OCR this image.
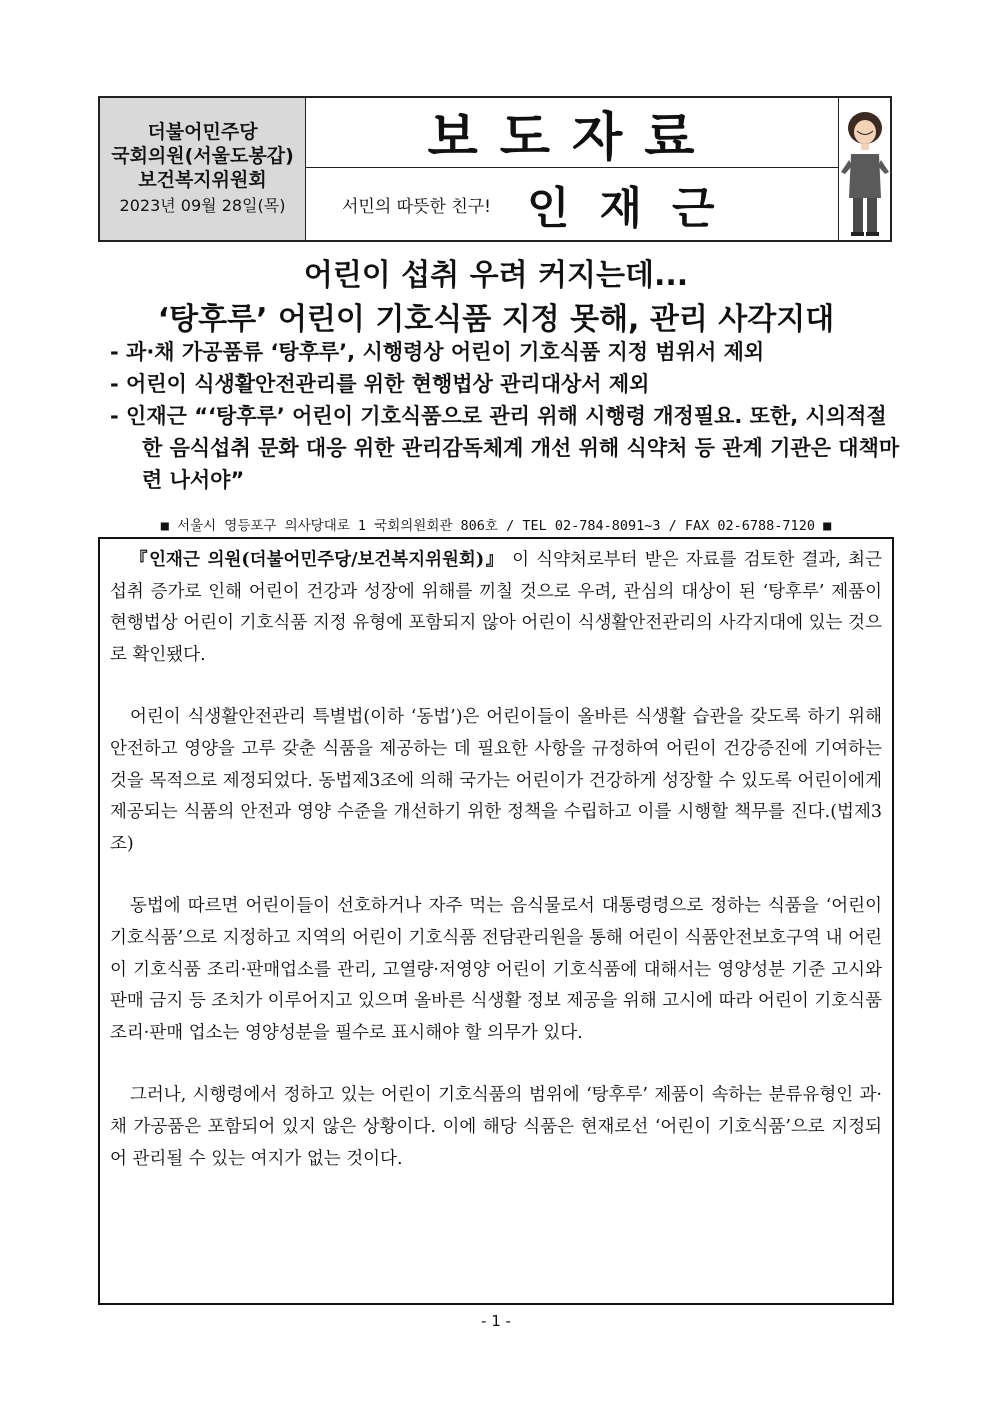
더불어민주당
국회의원(서울도봉갑)
보건복지위원회
2023년 09월 28일(목)
보도자료
서민의 따뜻한 친구! 인재근
어린이 섭취 우려 커지는데...
‘탕후루’ 어린이 기호식품 지정 못해, 관리 사각지대
- 과·채 가공품류 ‘탕후루’, 시행령상 어린이 기호식품 지정 범위서 제외
- 어린이 식생활안전관리를 위한 현행법상 관리대상서 제외
- 인재근 “‘탕후루’ 어린이 기호식품으로 관리 위해 시행령 개정필요. 또한, 시의적절한 음식섭취 문화 대응 위한 관리감독체계 개선 위해 식약처 등 관계 기관은 대책마련 나서야”
■ 서울시 영등포구 의사당대로 1 국회의원회관 806호 / TEL 02-784-8091~3 / FAX 02-6788-7120 ■

『인재근 의원(더불어민주당/보건복지위원회)』 이 식약처로부터 받은 자료를 검토한 결과, 최근 섭취 증가로 인해 어린이 건강과 성장에 위해를 끼칠 것으로 우려, 관심의 대상이 된 ‘탕후루’ 제품이 현행법상 어린이 기호식품 지정 유형에 포함되지 않아 어린이 식생활안전관리의 사각지대에 있는 것으로 확인됐다.

어린이 식생활안전관리 특별법(이하 ‘동법’)은 어린이들이 올바른 식생활 습관을 갖도록 하기 위해 안전하고 영양을 고루 갖춘 식품을 제공하는 데 필요한 사항을 규정하여 어린이 건강증진에 기여하는 것을 목적으로 제정되었다. 동법제3조에 의해 국가는 어린이가 건강하게 성장할 수 있도록 어린이에게 제공되는 식품의 안전과 영양 수준을 개선하기 위한 정책을 수립하고 이를 시행할 책무를 진다.(법제3조)

동법에 따르면 어린이들이 선호하거나 자주 먹는 음식물로서 대통령령으로 정하는 식품을 ‘어린이 기호식품’으로 지정하고 지역의 어린이 기호식품 전담관리원을 통해 어린이 식품안전보호구역 내 어린이 기호식품 조리·판매업소를 관리, 고열량·저영양 어린이 기호식품에 대해서는 영양성분 기준 고시와 판매 금지 등 조치가 이루어지고 있으며 올바른 식생활 정보 제공을 위해 고시에 따라 어린이 기호식품 조리·판매 업소는 영양성분을 필수로 표시해야 할 의무가 있다.

그러나, 시행령에서 정하고 있는 어린이 기호식품의 범위에 ‘탕후루’ 제품이 속하는 분류유형인 과·채 가공품은 포함되어 있지 않은 상황이다. 이에 해당 식품은 현재로선 ‘어린이 기호식품’으로 지정되어 관리될 수 있는 여지가 없는 것이다.

- 1 -
